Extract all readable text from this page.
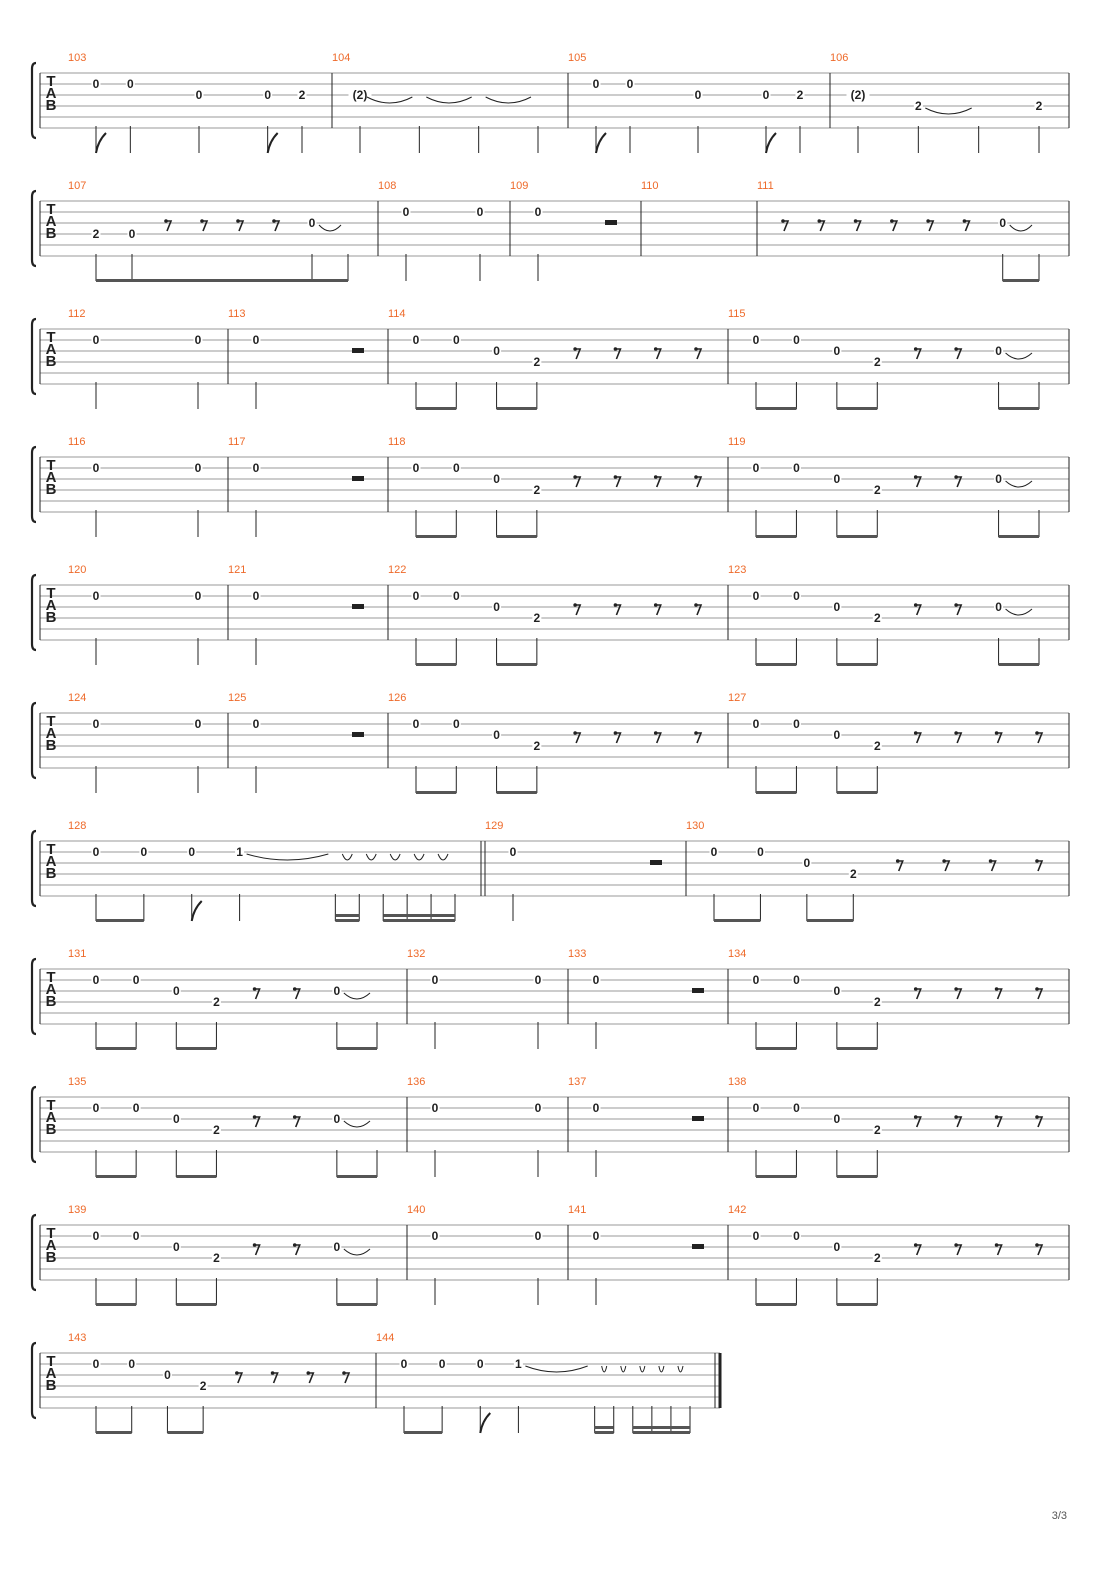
T
A
B
103
0 0
0	0 2
104
(2)
105
0 0
0	0 2
106
(2)
2	2
T
A
B
107
2 0
0
108
0	0
109
0
110	111
0
T
A
B
112
0	0
113
0
114
0	0
0
2
115
0	0
0
2
0
T
A
B
116
0	0
117
0
118
0	0
0
2
119
0	0
0
2
0
T
A
B
120
0	0
121
0
122
0	0
0
2
123
0	0
0
2
0
T
A
B
124
0	0
125
0
126
0	0
0
2
127
0	0
0
2
T
A
B
128
0	0	0	1
129
0
130
0	0
0
2
T
A
B
131
0	0
0
2
0
132
0	0
133
0
134
0	0
0
2
T
A
B
135
0	0
0
2
0
136
0	0
137
0
138
0	0
0
2
T
A
B
139
0	0
0
2
0
140
0	0
141
0
142
0	0
0
2
T
A
B
143
0 0
0
2
144
0	0	0	1
3/3
